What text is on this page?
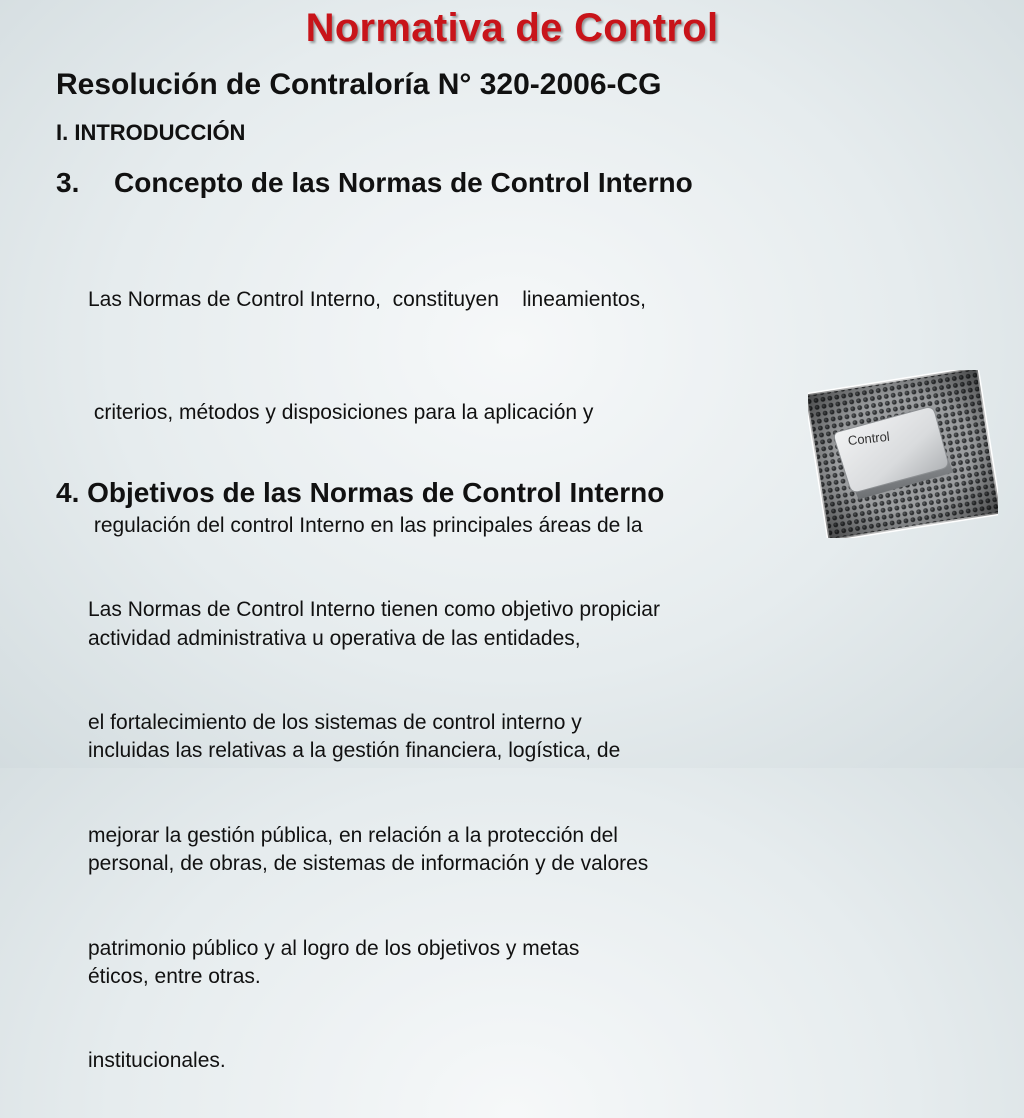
Normativa de Control
Resolución de Contraloría N° 320-2006-CG
I. INTRODUCCIÓN
3. Concepto de las Normas de Control Interno

Las Normas de Control Interno,  constituyen    lineamientos,

criterios, métodos y disposiciones para la aplicación y

regulación del control Interno en las principales áreas de la

actividad administrativa u operativa de las entidades,

incluidas las relativas a la gestión financiera, logística, de

personal, de obras, de sistemas de información y de valores

éticos, entre otras.

4. Objetivos de las Normas de Control Interno

Las Normas de Control Interno tienen como objetivo propiciar

el fortalecimiento de los sistemas de control interno y

mejorar la gestión pública, en relación a la protección del

patrimonio público y al logro de los objetivos y metas

institucionales.

Control
